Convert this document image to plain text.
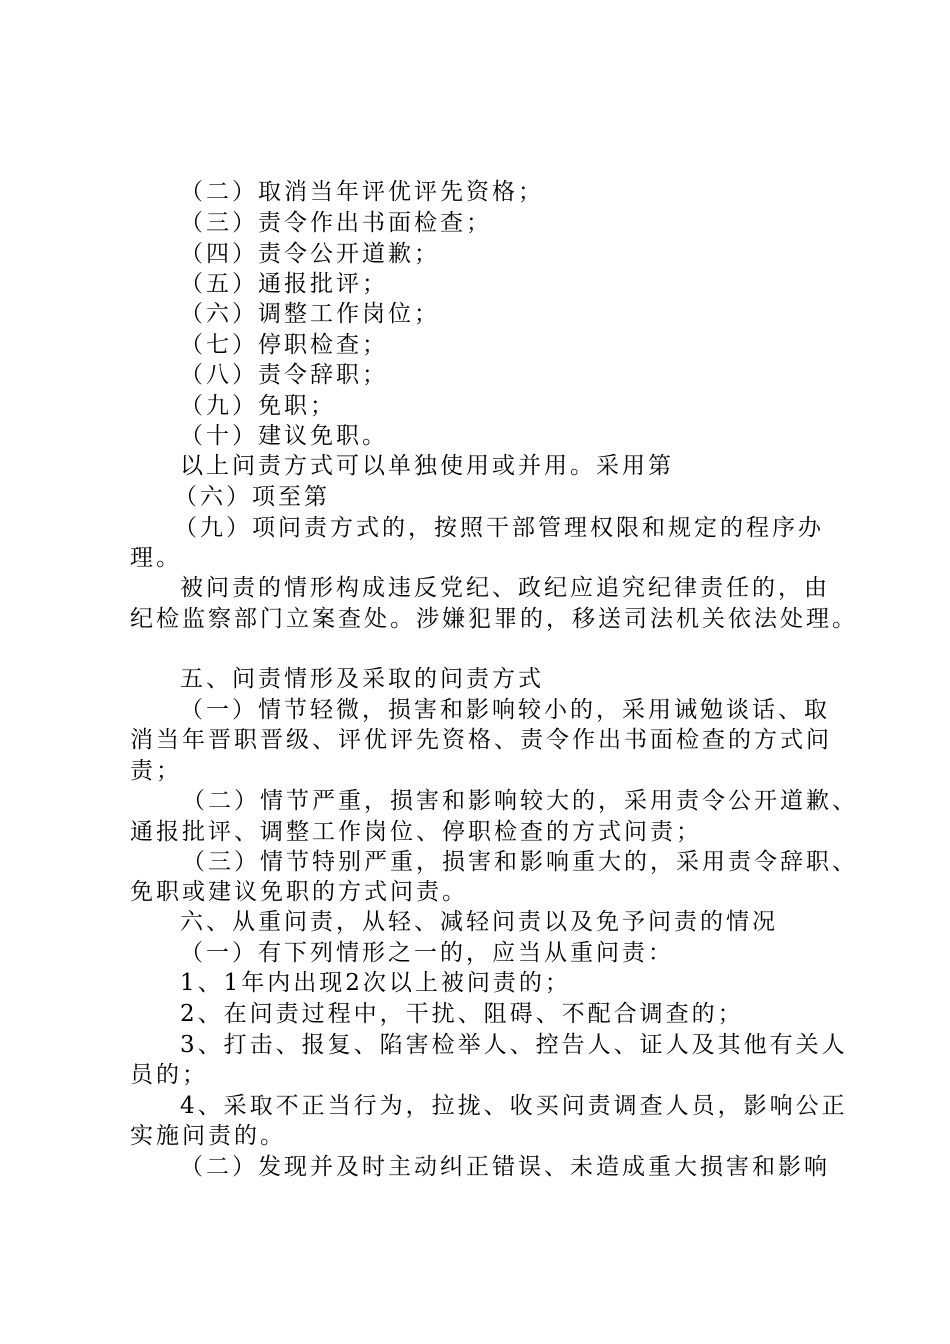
（二）取消当年评优评先资格；
（三）责令作出书面检查；
（四）责令公开道歉；
（五）通报批评；
（六）调整工作岗位；
（七）停职检查；
（八）责令辞职；
（九）免职；
（十）建议免职。
以上问责方式可以单独使用或并用。采用第
（六）项至第
（九）项问责方式的，按照干部管理权限和规定的程序办
理。
被问责的情形构成违反党纪、政纪应追究纪律责任的，由
纪检监察部门立案查处。涉嫌犯罪的，移送司法机关依法处理。
五、问责情形及采取的问责方式
（一）情节轻微，损害和影响较小的，采用诫勉谈话、取
消当年晋职晋级、评优评先资格、责令作出书面检查的方式问
责；
（二）情节严重，损害和影响较大的，采用责令公开道歉、
通报批评、调整工作岗位、停职检查的方式问责；
（三）情节特别严重，损害和影响重大的，采用责令辞职、
免职或建议免职的方式问责。
六、从重问责，从轻、减轻问责以及免予问责的情况
（一）有下列情形之一的，应当从重问责：
1、1年内出现2次以上被问责的；
2、在问责过程中，干扰、阻碍、不配合调查的；
3、打击、报复、陷害检举人、控告人、证人及其他有关人
员的；
4、采取不正当行为，拉拢、收买问责调查人员，影响公正
实施问责的。
（二）发现并及时主动纠正错误、未造成重大损害和影响
